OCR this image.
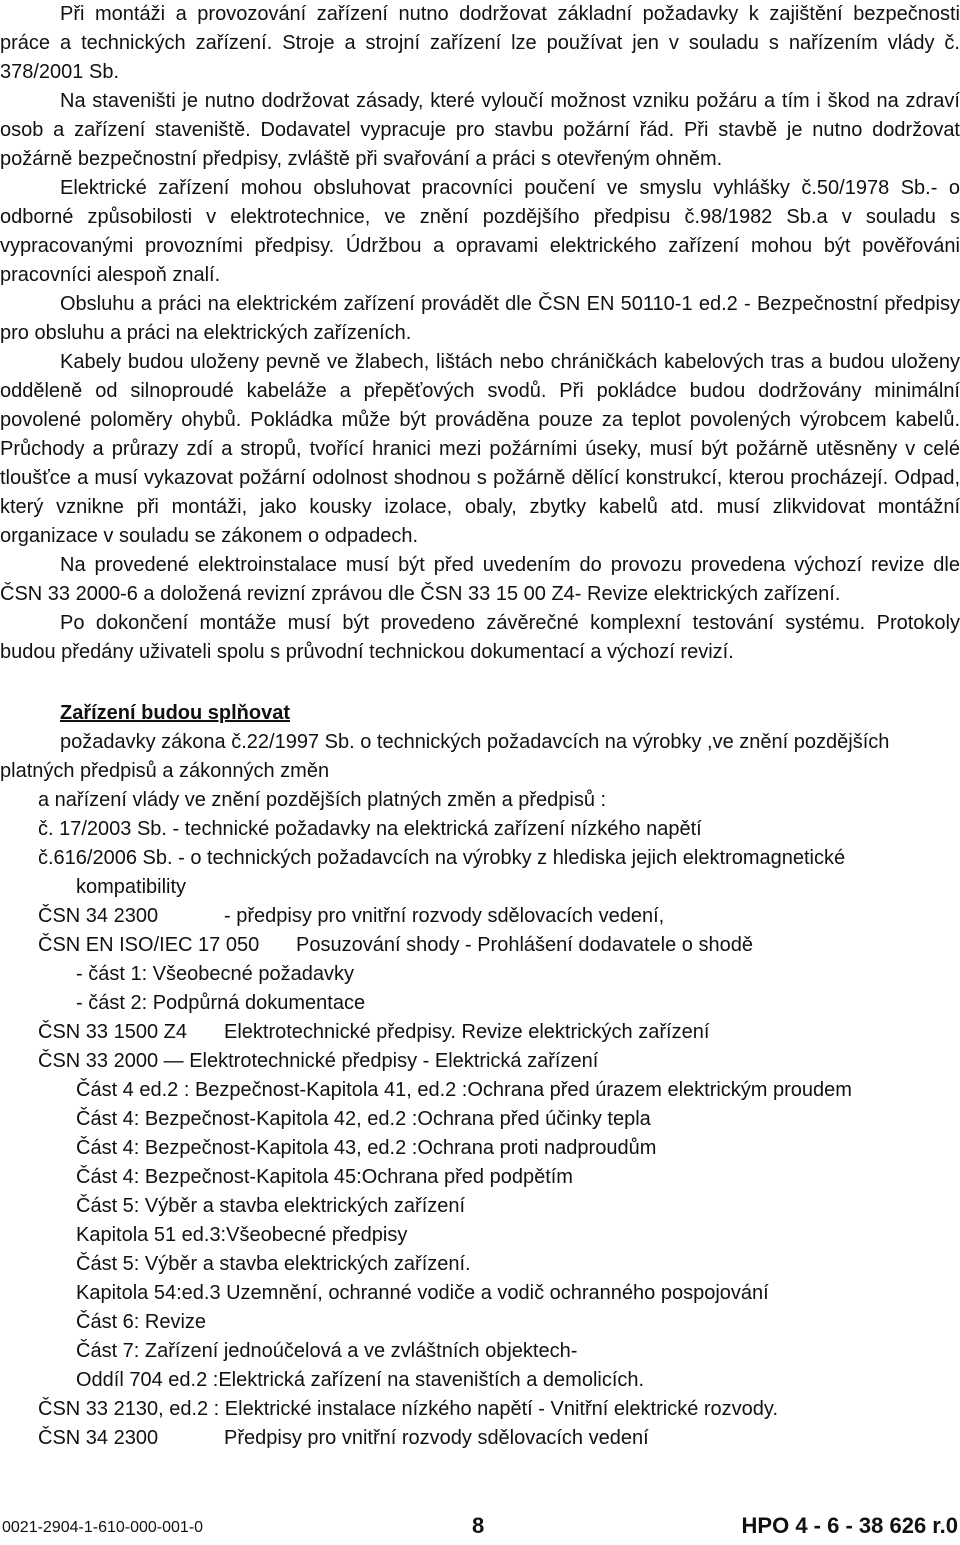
Při montáži a provozování zařízení nutno dodržovat základní požadavky k zajištění bezpečnosti práce a technických zařízení. Stroje a strojní zařízení lze používat jen v souladu s nařízením vlády č. 378/2001 Sb.

Na staveništi je nutno dodržovat zásady, které vyloučí možnost vzniku požáru a tím i škod na zdraví osob a zařízení staveniště. Dodavatel vypracuje pro stavbu požární řád. Při stavbě je nutno dodržovat požárně bezpečnostní předpisy, zvláště při svařování a práci s otevřeným ohněm.

Elektrické zařízení mohou obsluhovat pracovníci poučení ve smyslu vyhlášky č.50/1978 Sb.- o odborné způsobilosti v elektrotechnice, ve znění pozdějšího předpisu č.98/1982 Sb.a v souladu s vypracovanými provozními předpisy. Údržbou a opravami elektrického zařízení mohou být pověřováni pracovníci alespoň znalí.

Obsluhu a práci na elektrickém zařízení provádět dle ČSN EN 50110-1 ed.2 - Bezpečnostní předpisy pro obsluhu a práci na elektrických zařízeních.

Kabely budou uloženy pevně ve žlabech, lištách nebo chráničkách kabelových tras a budou uloženy odděleně od silnoproudé kabeláže a přepěťových svodů. Při pokládce budou dodržovány minimální povolené poloměry ohybů. Pokládka může být prováděna pouze za teplot povolených výrobcem kabelů. Průchody a průrazy zdí a stropů, tvořící hranici mezi požárními úseky, musí být požárně utěsněny v celé tloušťce a musí vykazovat požární odolnost shodnou s požárně dělící konstrukcí, kterou procházejí. Odpad, který vznikne při montáži, jako kousky izolace, obaly, zbytky kabelů atd. musí zlikvidovat montážní organizace v souladu se zákonem o odpadech.

Na provedené elektroinstalace musí být před uvedením do provozu provedena výchozí revize dle ČSN 33 2000-6 a doložená revizní zprávou dle ČSN 33 15 00 Z4- Revize elektrických zařízení.

Po dokončení montáže musí být provedeno závěrečné komplexní testování systému. Protokoly budou předány uživateli spolu s průvodní technickou dokumentací a výchozí revizí.

Zařízení budou splňovat

požadavky zákona č.22/1997 Sb. o technických požadavcích na výrobky ,ve znění pozdějších platných předpisů a zákonných změn

a nařízení vlády ve znění pozdějších platných změn a předpisů :

č. 17/2003 Sb. - technické požadavky na elektrická zařízení nízkého napětí

č.616/2006 Sb. - o technických požadavcích na výrobky z hlediska jejich elektromagnetické

kompatibility

ČSN 34 2300	- předpisy pro vnitřní rozvody sdělovacích vedení,

ČSN EN ISO/IEC 17 050 Posuzování shody - Prohlášení dodavatele o shodě

- část 1: Všeobecné požadavky

- část 2: Podpůrná dokumentace

ČSN 33 1500 Z4 Elektrotechnické předpisy. Revize elektrických zařízení

ČSN 33 2000 — Elektrotechnické předpisy - Elektrická zařízení

Část 4 ed.2 : Bezpečnost-Kapitola 41, ed.2 :Ochrana před úrazem elektrickým proudem

Část 4: Bezpečnost-Kapitola 42, ed.2 :Ochrana před účinky tepla

Část 4: Bezpečnost-Kapitola 43, ed.2 :Ochrana proti nadproudům

Část 4: Bezpečnost-Kapitola 45:Ochrana před podpětím

Část 5: Výběr a stavba elektrických zařízení

Kapitola 51 ed.3:Všeobecné předpisy

Část 5: Výběr a stavba elektrických zařízení.

Kapitola 54:ed.3 Uzemnění, ochranné vodiče a vodič ochranného pospojování

Část 6: Revize

Část 7: Zařízení jednoúčelová a ve zvláštních objektech-

Oddíl 704 ed.2 :Elektrická zařízení na staveništích a demolicích.

ČSN 33 2130, ed.2 : Elektrické instalace nízkého napětí - Vnitřní elektrické rozvody.

ČSN 34 2300	Předpisy pro vnitřní rozvody sdělovacích vedení

0021-2904-1-610-000-001-0	8	HPO 4 - 6 - 38 626 r.0
